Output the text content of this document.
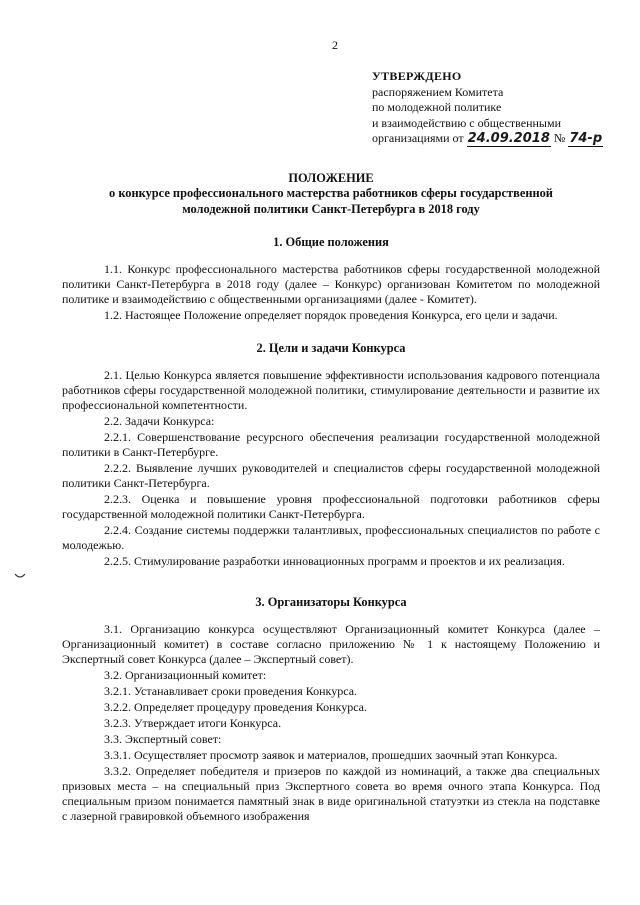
2
УТВЕРЖДЕНО
распоряжением Комитета
по молодежной политике
и взаимодействию с общественными
организациями от 24.09.2018 № 74-р
ПОЛОЖЕНИЕ
о конкурсе профессионального мастерства работников сферы государственной
молодежной политики Санкт-Петербурга в 2018 году
1. Общие положения

1.1. Конкурс профессионального мастерства работников сферы государственной молодежной политики Санкт-Петербурга в 2018 году (далее – Конкурс) организован Комитетом по молодежной политике и взаимодействию с общественными организациями (далее - Комитет).

1.2. Настоящее Положение определяет порядок проведения Конкурса, его цели и задачи.

2. Цели и задачи Конкурса

2.1. Целью Конкурса является повышение эффективности использования кадрового потенциала работников сферы государственной молодежной политики, стимулирование деятельности и развитие их профессиональной компетентности.

2.2. Задачи Конкурса:

2.2.1. Совершенствование ресурсного обеспечения реализации государственной молодежной политики в Санкт-Петербурге.

2.2.2. Выявление лучших руководителей и специалистов сферы государственной молодежной политики Санкт-Петербурга.

2.2.3. Оценка и повышение уровня профессиональной подготовки работников сферы государственной молодежной политики Санкт-Петербурга.

2.2.4. Создание системы поддержки талантливых, профессиональных специалистов по работе с молодежью.

2.2.5. Стимулирование разработки инновационных программ и проектов и их реализация.

3. Организаторы Конкурса

3.1. Организацию конкурса осуществляют Организационный комитет Конкурса (далее – Организационный комитет) в составе согласно приложению № 1 к настоящему Положению и Экспертный совет Конкурса (далее – Экспертный совет).

3.2. Организационный комитет:

3.2.1. Устанавливает сроки проведения Конкурса.

3.2.2. Определяет процедуру проведения Конкурса.

3.2.3. Утверждает итоги Конкурса.

3.3. Экспертный совет:

3.3.1. Осуществляет просмотр заявок и материалов, прошедших заочный этап Конкурса.

3.3.2. Определяет победителя и призеров по каждой из номинаций, а также два специальных призовых места – на специальный приз Экспертного совета во время очного этапа Конкурса. Под специальным призом понимается памятный знак в виде оригинальной статуэтки из стекла на подставке с лазерной гравировкой объемного изображения
